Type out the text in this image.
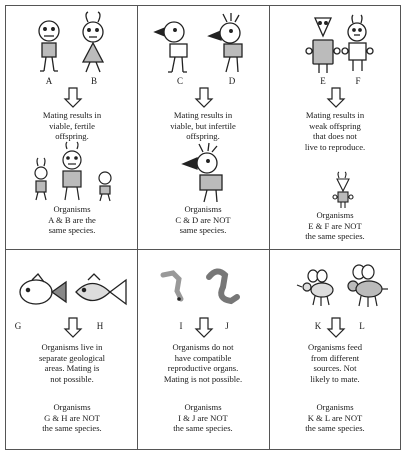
A	B
Mating results in
viable, fertile
offspring.
Organisms
A & B are the
same species.
C	D
Mating results in
viable, but infertile
offspring.
Organisms
C & D are NOT
same species.
E	F
Mating results in
weak offspring
that does not
live to reproduce.
Organisms
E & F are NOT
the same species.
G	H
Organisms live in
separate geological
areas. Mating is
not possible.
Organisms
G & H are NOT
the same species.
I	J
Organisms do not
have compatible
reproductive organs.
Mating is not possible.
Organisms
I & J are NOT
the same species.
K	L
Organisms feed
from different
sources. Not
likely to mate.
Organisms
K & L are NOT
the same species.
